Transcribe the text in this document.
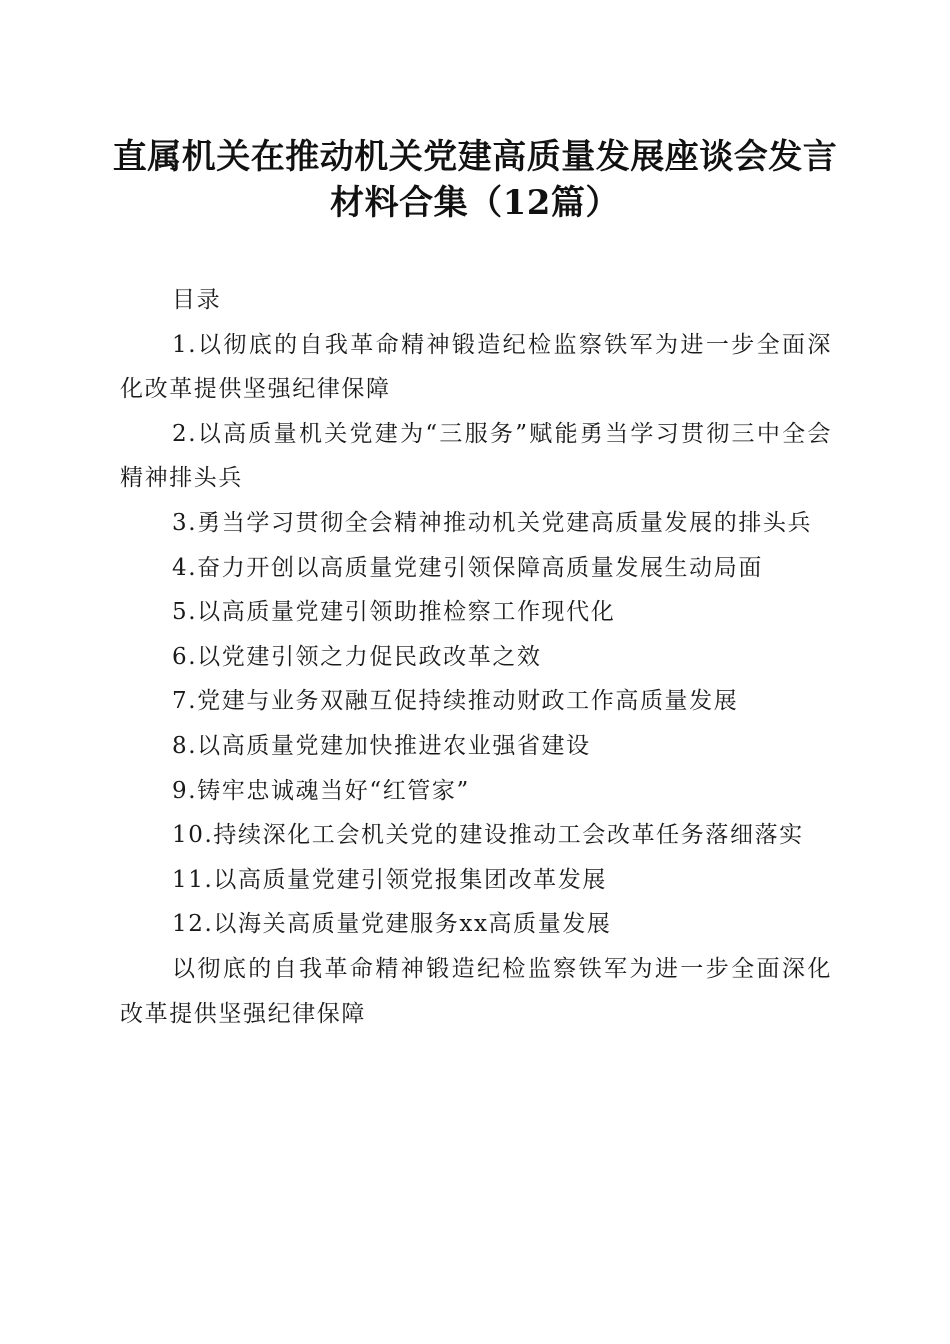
直属机关在推动机关党建高质量发展座谈会发言材料合集（12篇）

目录

1.以彻底的自我革命精神锻造纪检监察铁军为进一步全面深化改革提供坚强纪律保障
2.以高质量机关党建为“三服务”赋能勇当学习贯彻三中全会精神排头兵
3.勇当学习贯彻全会精神推动机关党建高质量发展的排头兵
4.奋力开创以高质量党建引领保障高质量发展生动局面
5.以高质量党建引领助推检察工作现代化
6.以党建引领之力促民政改革之效
7.党建与业务双融互促持续推动财政工作高质量发展
8.以高质量党建加快推进农业强省建设
9.铸牢忠诚魂当好“红管家”
10.持续深化工会机关党的建设推动工会改革任务落细落实
11.以高质量党建引领党报集团改革发展
12.以海关高质量党建服务xx高质量发展

以彻底的自我革命精神锻造纪检监察铁军为进一步全面深化改革提供坚强纪律保障
